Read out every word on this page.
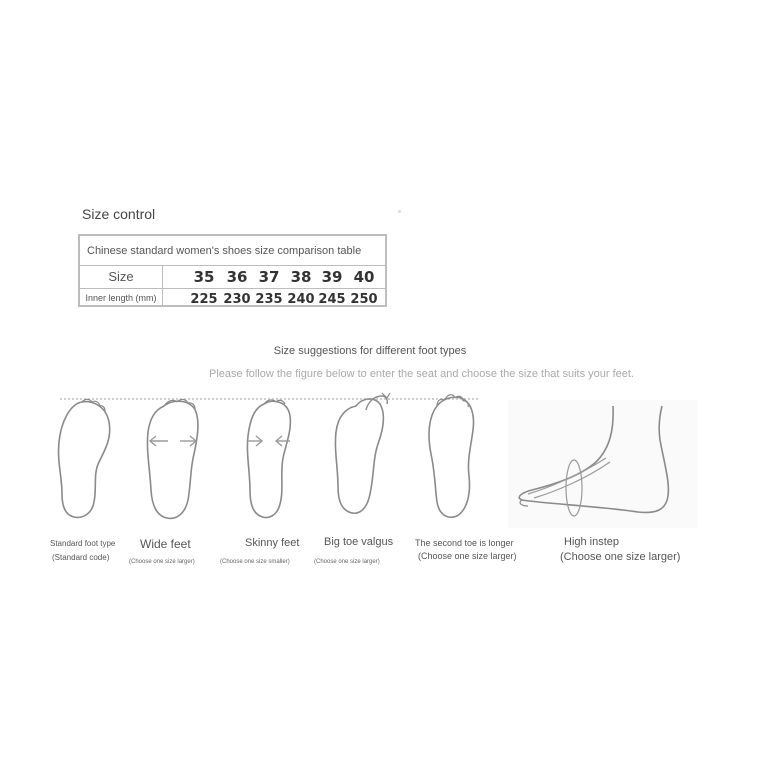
Size control
Chinese standard women's shoes size comparison table
Size
Inner length (mm)
35 36 37 38 39 40
225 230 235 240 245 250
Size suggestions for different foot types
Please follow the figure below to enter the seat and choose the size that suits your feet.
Standard foot type
(Standard code)
Wide feet
(Choose one size larger)
Skinny feet
(Choose one size smaller)
Big toe valgus
(Choose one size larger)
The second toe is longer
(Choose one size larger)
High instep
(Choose one size larger)
